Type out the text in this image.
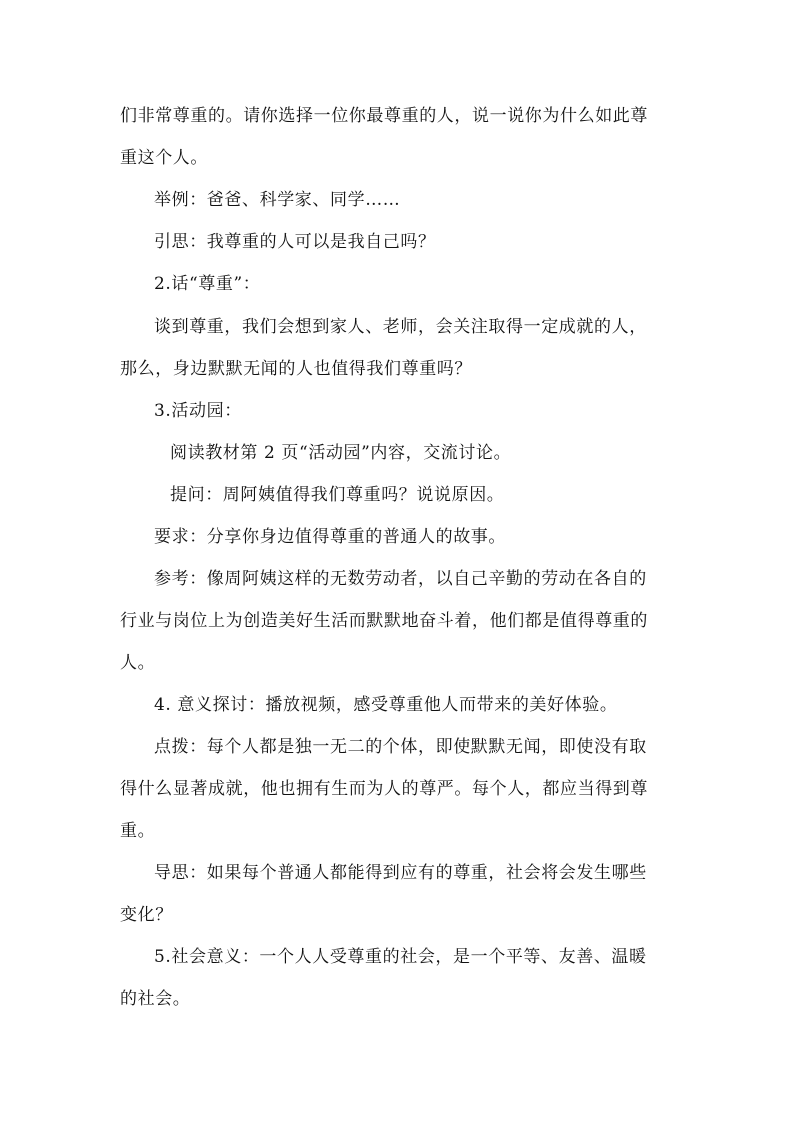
们非常尊重的。请你选择一位你最尊重的人，说一说你为什么如此尊
重这个人。
举例：爸爸、科学家、同学……
引思：我尊重的人可以是我自己吗？
2.话“尊重”：
谈到尊重，我们会想到家人、老师，会关注取得一定成就的人，
那么，身边默默无闻的人也值得我们尊重吗？
3.活动园：
阅读教材第 2 页“活动园”内容，交流讨论。
提问：周阿姨值得我们尊重吗？说说原因。
要求：分享你身边值得尊重的普通人的故事。
参考：像周阿姨这样的无数劳动者，以自己辛勤的劳动在各自的
行业与岗位上为创造美好生活而默默地奋斗着，他们都是值得尊重的
人。
4. 意义探讨：播放视频，感受尊重他人而带来的美好体验。
点拨：每个人都是独一无二的个体，即使默默无闻，即使没有取
得什么显著成就，他也拥有生而为人的尊严。每个人，都应当得到尊
重。
导思：如果每个普通人都能得到应有的尊重，社会将会发生哪些
变化？
5.社会意义：一个人人受尊重的社会，是一个平等、友善、温暖
的社会。
